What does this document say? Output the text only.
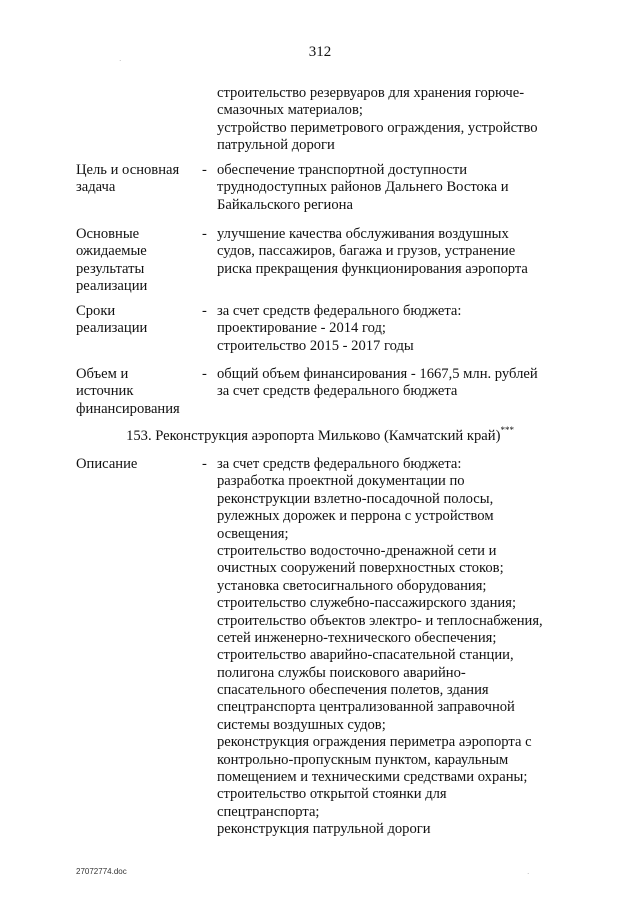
312
строительство резервуаров для хранения горюче-
смазочных материалов;
устройство периметрового ограждения, устройство
патрульной дороги
Цель и основная
задача
- обеспечение транспортной доступности
труднодоступных районов Дальнего Востока и
Байкальского региона
Основные
ожидаемые
результаты
реализации
- улучшение качества обслуживания воздушных
судов, пассажиров, багажа и грузов, устранение
риска прекращения функционирования аэропорта
Сроки
реализации
- за счет средств федерального бюджета:
проектирование - 2014 год;
строительство 2015 - 2017 годы
Объем и
источник
финансирования
- общий объем финансирования - 1667,5 млн. рублей
за счет средств федерального бюджета
153. Реконструкция аэропорта Мильково (Камчатский край)***
Описание	- за счет средств федерального бюджета:
разработка проектной документации по
реконструкции взлетно-посадочной полосы,
рулежных дорожек и перрона с устройством
освещения;
строительство водосточно-дренажной сети и
очистных сооружений поверхностных стоков;
установка светосигнального оборудования;
строительство служебно-пассажирского здания;
строительство объектов электро- и теплоснабжения,
сетей инженерно-технического обеспечения;
строительство аварийно-спасательной станции,
полигона службы поискового аварийно-
спасательного обеспечения полетов, здания
спецтранспорта централизованной заправочной
системы воздушных судов;
реконструкция ограждения периметра аэропорта с
контрольно-пропускным пунктом, караульным
помещением и техническими средствами охраны;
строительство открытой стоянки для
спецтранспорта;
реконструкция патрульной дороги
27072774.doc
·
·
